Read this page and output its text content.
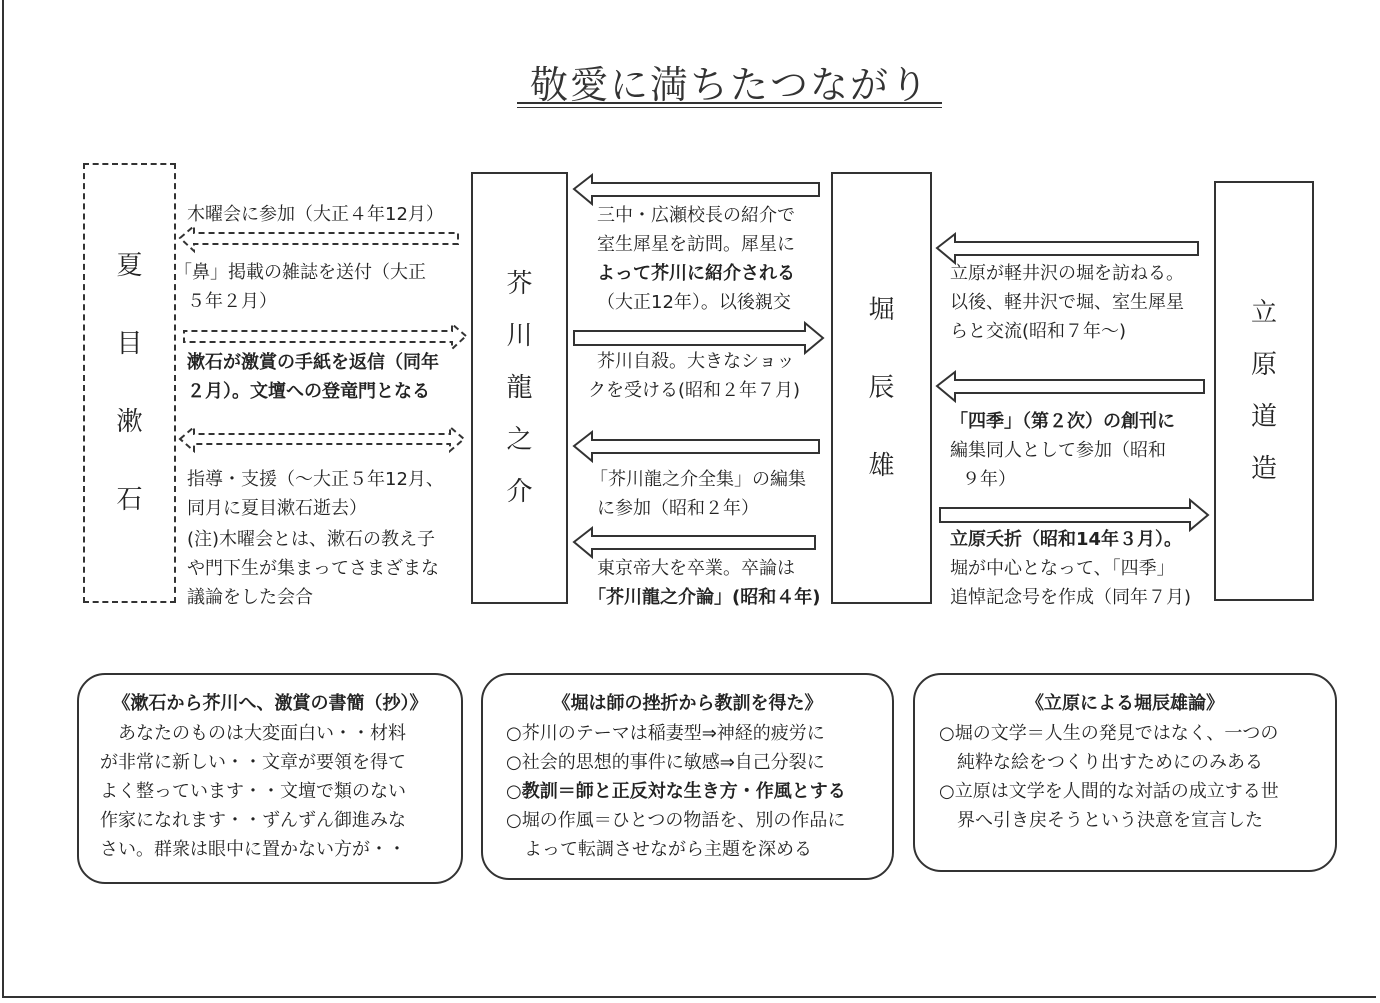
敬愛に満ちたつながり
夏
目
漱
石
芥
川
龍
之
介
堀
辰
雄
立
原
道
造
木曜会に参加（大正４年12月）
「鼻」掲載の雑誌を送付（大正
５年２月）
漱石が激賞の手紙を返信（同年
２月）。文壇への登竜門となる
指導・支援（～大正５年12月、
同月に夏目漱石逝去）
(注)木曜会とは、漱石の教え子
や門下生が集まってさまざまな
議論をした会合
三中・広瀬校長の紹介で
室生犀星を訪問。犀星に
よって芥川に紹介される
（大正12年）。以後親交
芥川自殺。大きなショッ
クを受ける(昭和２年７月)
「芥川龍之介全集」の編集
に参加（昭和２年）
東京帝大を卒業。卒論は
「芥川龍之介論」(昭和４年)
立原が軽井沢の堀を訪ねる。
以後、軽井沢で堀、室生犀星
らと交流(昭和７年～)
「四季」（第２次）の創刊に
編集同人として参加（昭和
９年）
立原夭折（昭和14年３月）。
堀が中心となって、「四季」
追悼記念号を作成（同年７月)
《漱石から芥川へ、激賞の書簡（抄）》
　あなたのものは大変面白い・・材料
が非常に新しい・・文章が要領を得て
よく整っています・・文壇で類のない
作家になれます・・ずんずん御進みな
さい。群衆は眼中に置かない方が・・
《堀は師の挫折から教訓を得た》
○芥川のテーマは稲妻型⇒神経的疲労に
○社会的思想的事件に敏感⇒自己分裂に
○教訓＝師と正反対な生き方・作風とする
○堀の作風＝ひとつの物語を、別の作品に
　よって転調させながら主題を深める
《立原による堀辰雄論》
○堀の文学＝人生の発見ではなく、一つの
　純粋な絵をつくり出すためにのみある
○立原は文学を人間的な対話の成立する世
　界へ引き戻そうという決意を宣言した
